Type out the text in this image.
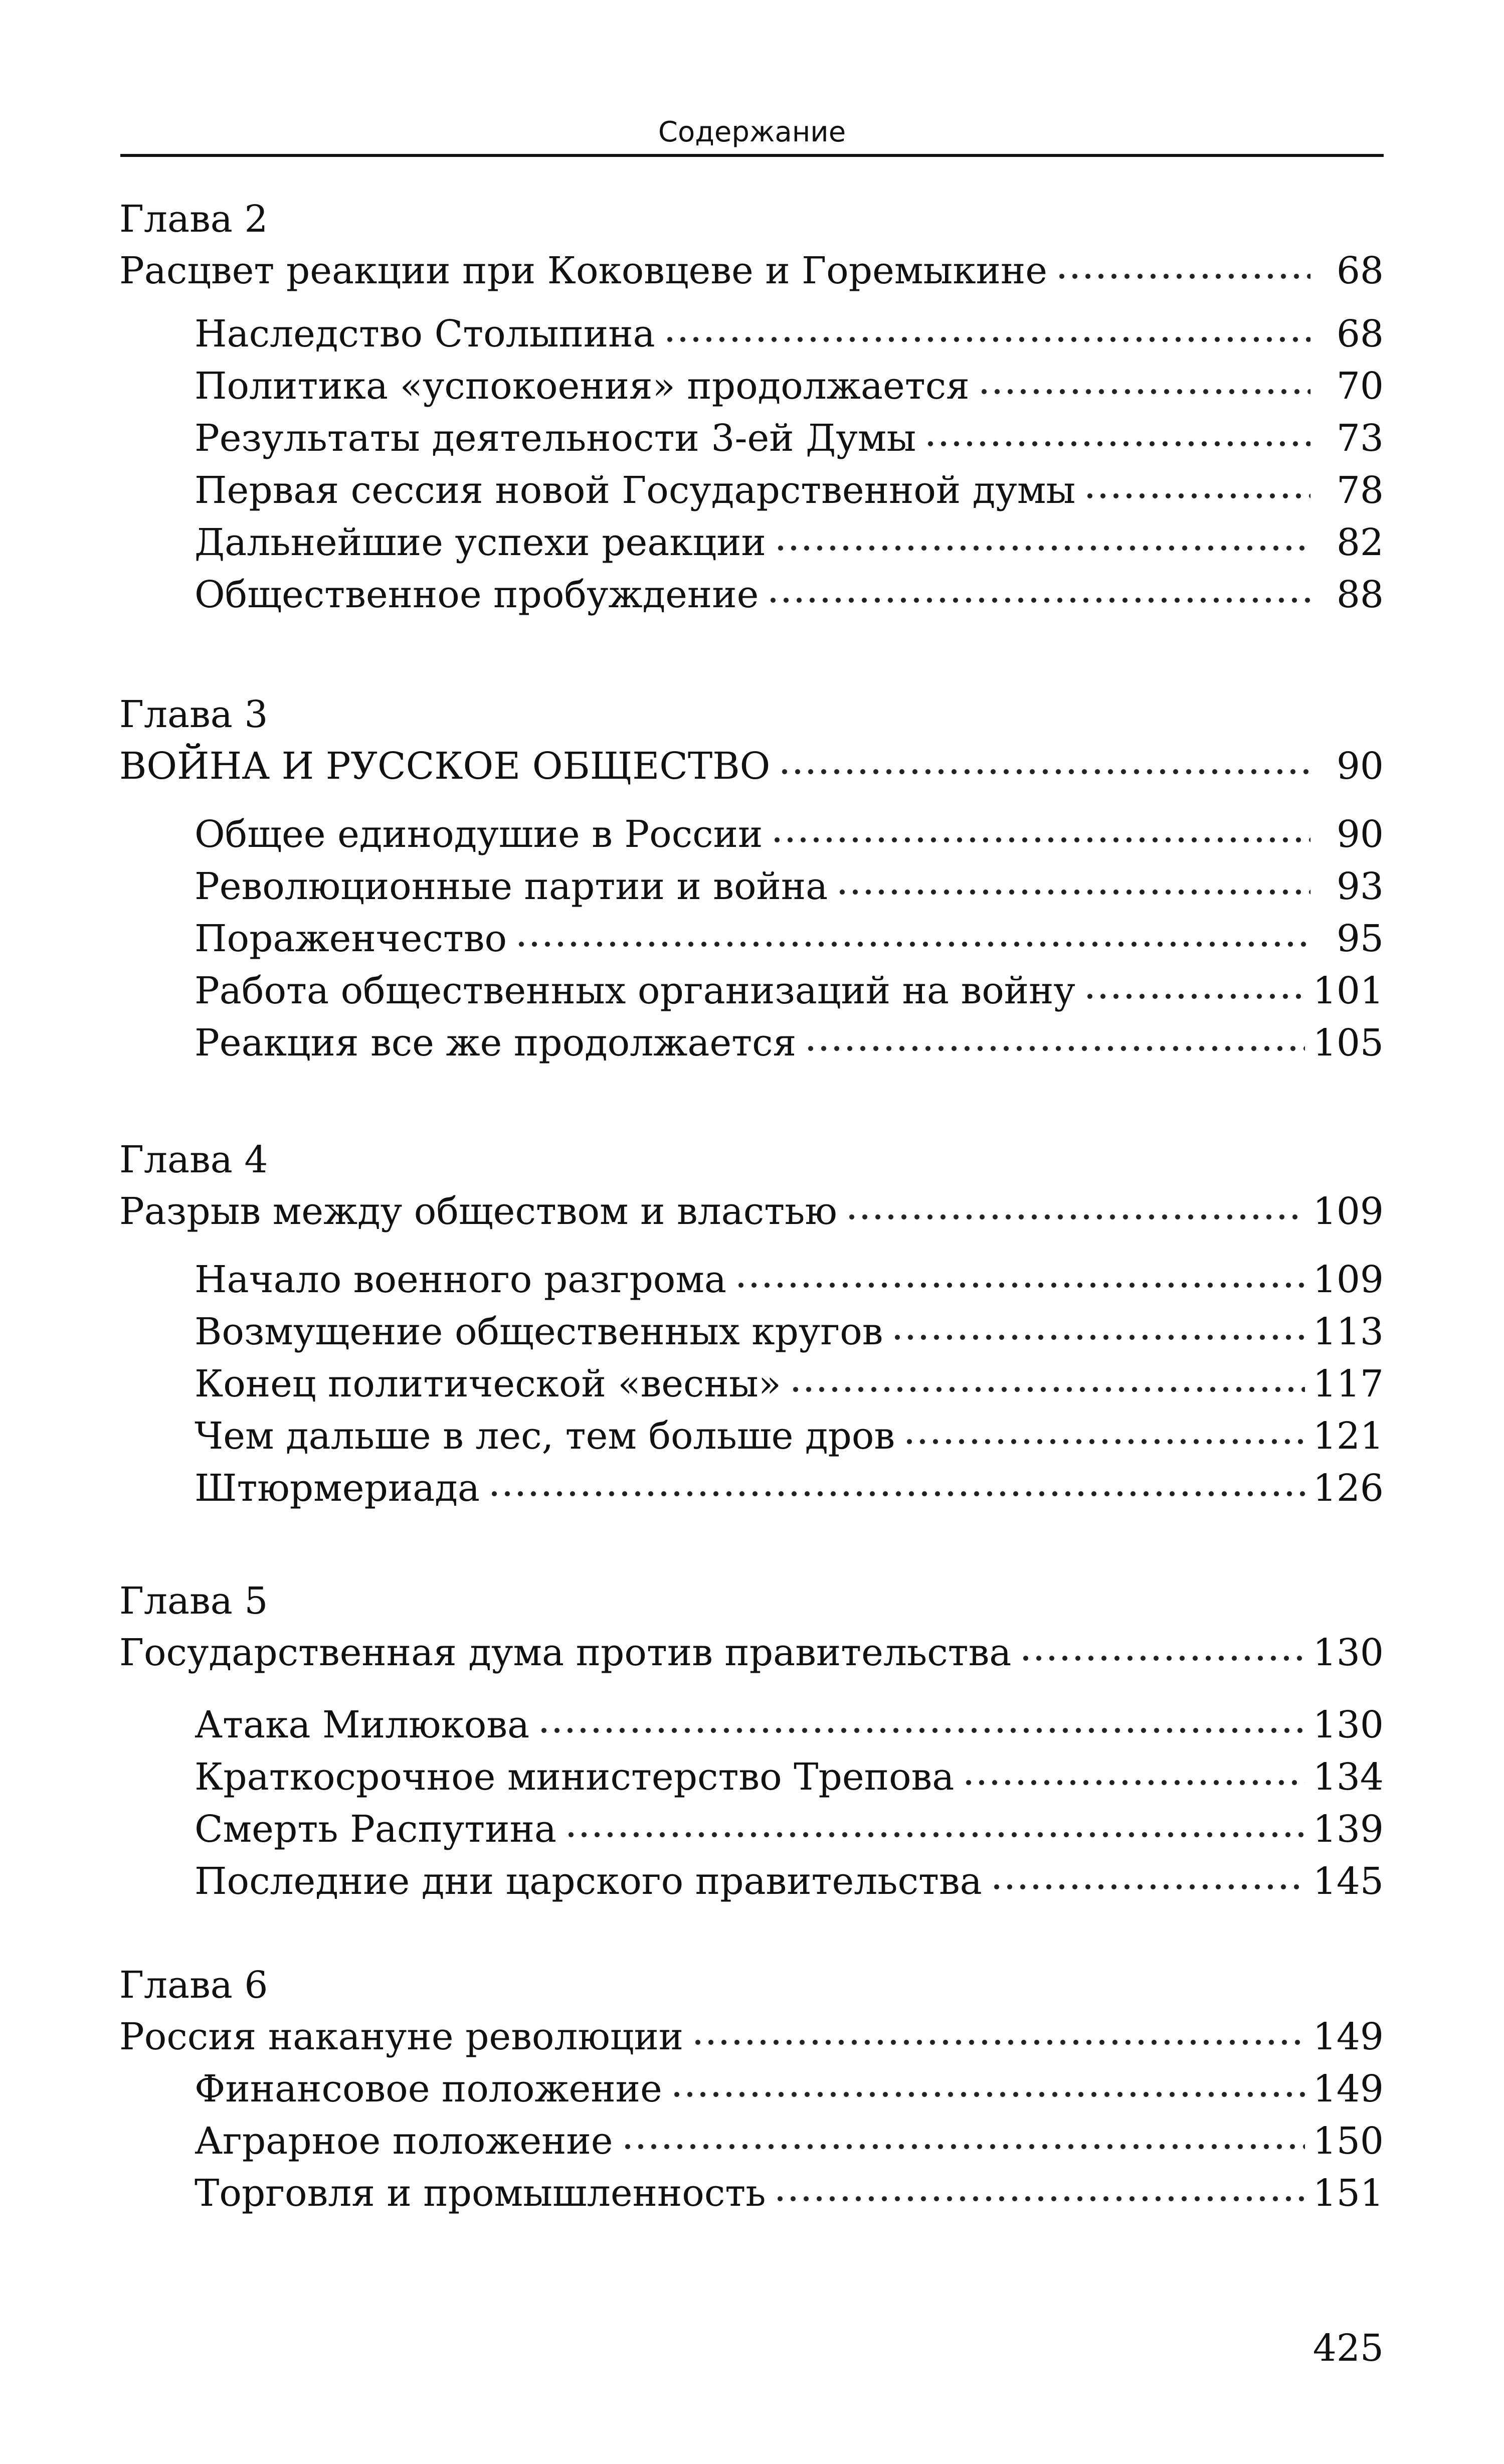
Содержание
Глава 2
Расцвет реакции при Коковцеве и Горемыкине	68
Наследство Столыпина	68
Политика «успокоения» продолжается	70
Результаты деятельности 3-ей Думы	73
Первая сессия новой Государственной думы	78
Дальнейшие успехи реакции	82
Общественное пробуждение	88
Глава 3
ВОЙНА И РУССКОЕ ОБЩЕСТВО	90
Общее единодушие в России	90
Революционные партии и война	93
Пораженчество	95
Работа общественных организаций на войну	101
Реакция все же продолжается	105
Глава 4
Разрыв между обществом и властью	109
Начало военного разгрома	109
Возмущение общественных кругов	113
Конец политической «весны»	117
Чем дальше в лес, тем больше дров	121
Штюрмериада	126
Глава 5
Государственная дума против правительства	130
Атака Милюкова	130
Краткосрочное министерство Трепова	134
Смерть Распутина	139
Последние дни царского правительства	145
Глава 6
Россия накануне революции	149
Финансовое положение	149
Аграрное положение	150
Торговля и промышленность	151
425
